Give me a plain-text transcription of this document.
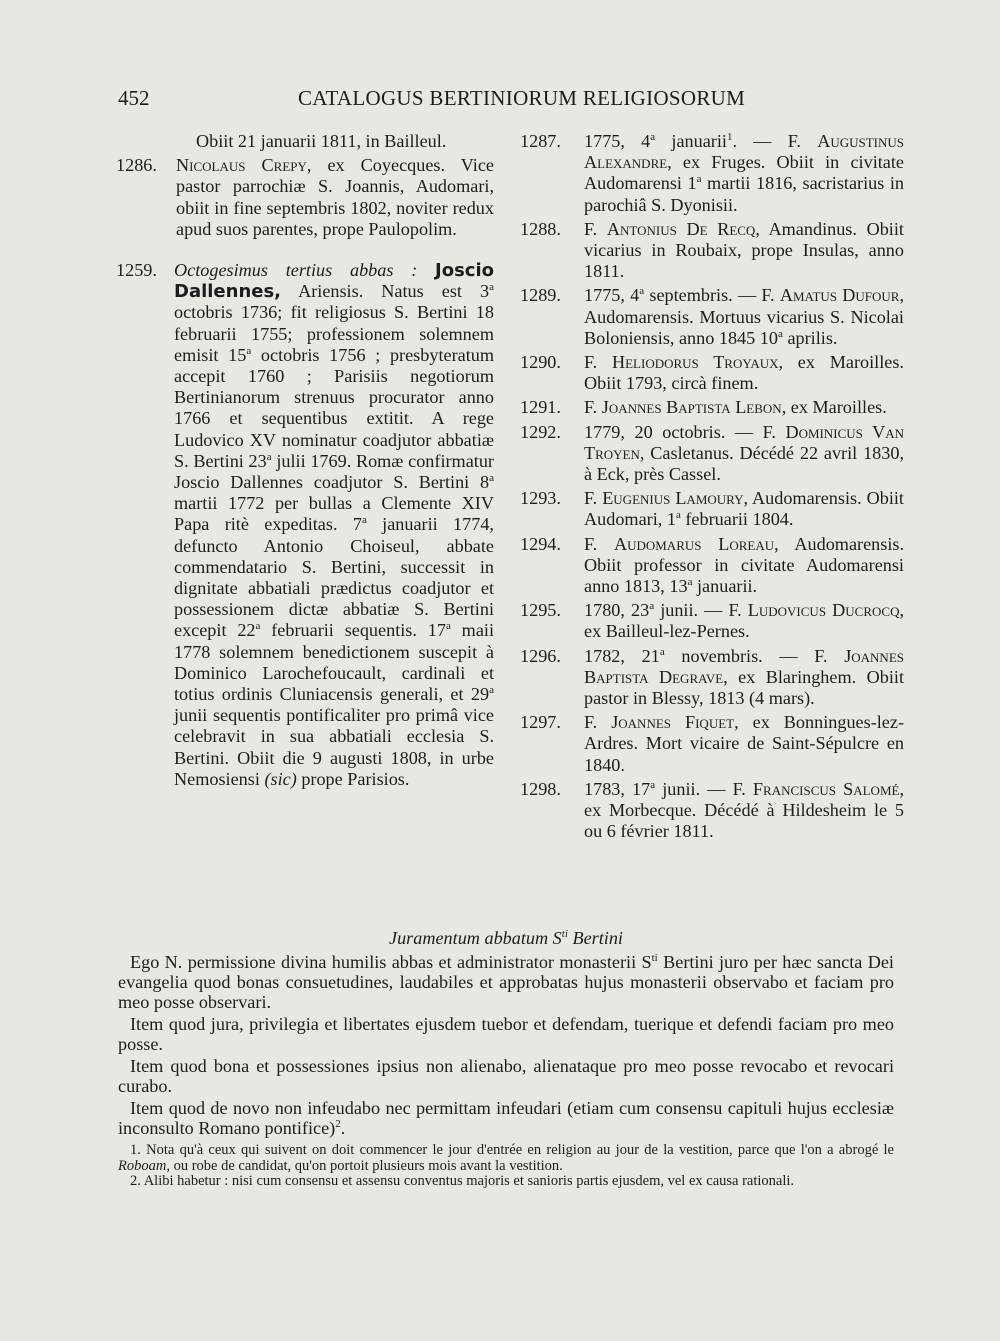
452	CATALOGUS BERTINIORUM RELIGIOSORUM
Obiit 21 januarii 1811, in Bailleul.
1286. Nicolaus Crepy, ex Coyecques. Vice pastor parrochiæ S. Joannis, Audomari, obiit in fine septembris 1802, noviter redux apud suos parentes, prope Paulopolim.
1259. Octogesimus tertius abbas : Joscio Dallennes, Ariensis. Natus est 3$^a$ octobris 1736; fit religiosus S. Bertini 18 februarii 1755; professionem solemnem emisit 15$^a$ octobris 1756 ; presbyteratum accepit 1760 ; Parisiis negotiorum Bertinianorum strenuus procurator anno 1766 et sequentibus extitit. A rege Ludovico XV nominatur coadjutor abbatiæ S. Bertini 23$^a$ julii 1769. Romæ confirmatur Joscio Dallennes coadjutor S. Bertini 8$^a$ martii 1772 per bullas a Clemente XIV Papa ritè expeditas. 7$^a$ januarii 1774, defuncto Antonio Choiseul, abbate commendatario S. Bertini, successit in dignitate abbatiali prædictus coadjutor et possessionem dictæ abbatiæ S. Bertini excepit 22$^a$ februarii sequentis. 17$^a$ maii 1778 solemnem benedictionem suscepit à Dominico Larochefoucault, cardinali et totius ordinis Cluniacensis generali, et 29$^a$ junii sequentis pontificaliter pro primâ vice celebravit in sua abbatiali ecclesia S. Bertini. Obiit die 9 augusti 1808, in urbe Nemosiensi (sic) prope Parisios.
1287. 1775, 4$^a$ januarii$^1$. — F. Augustinus Alexandre, ex Fruges. Obiit in civitate Audomarensi 1$^a$ martii 1816, sacristarius in parochiâ S. Dyonisii.
1288. F. Antonius De Recq, Amandinus. Obiit vicarius in Roubaix, prope Insulas, anno 1811.
1289. 1775, 4$^a$ septembris. — F. Amatus Dufour, Audomarensis. Mortuus vicarius S. Nicolai Boloniensis, anno 1845 10$^a$ aprilis.
1290. F. Heliodorus Troyaux, ex Maroilles. Obiit 1793, circà finem.
1291. F. Joannes Baptista Lebon, ex Maroilles.
1292. 1779, 20 octobris. — F. Dominicus Van Troyen, Casletanus. Décédé 22 avril 1830, à Eck, près Cassel.
1293. F. Eugenius Lamoury, Audomarensis. Obiit Audomari, 1$^a$ februarii 1804.
1294. F. Audomarus Loreau, Audomarensis. Obiit professor in civitate Audomarensi anno 1813, 13$^a$ januarii.
1295. 1780, 23$^a$ junii. — F. Ludovicus Ducrocq, ex Bailleul-lez-Pernes.
1296. 1782, 21$^a$ novembris. — F. Joannes Baptista Degrave, ex Blaringhem. Obiit pastor in Blessy, 1813 (4 mars).
1297. F. Joannes Fiquet, ex Bonningues-lez-Ardres. Mort vicaire de Saint-Sépulcre en 1840.
1298. 1783, 17$^a$ junii. — F. Franciscus Salomé, ex Morbecque. Décédé à Hildesheim le 5 ou 6 février 1811.
Juramentum abbatum $S^{ti}$ Bertini

Ego N. permissione divina humilis abbas et administrator monasterii $S^{ti}$ Bertini juro per hæc sancta Dei evangelia quod bonas consuetudines, laudabiles et approbatas hujus monasterii observabo et faciam pro meo posse observari.

Item quod jura, privilegia et libertates ejusdem tuebor et defendam, tuerique et defendi faciam pro meo posse.

Item quod bona et possessiones ipsius non alienabo, alienataque pro meo posse revocabo et revocari curabo.

Item quod de novo non infeudabo nec permittam infeudari (etiam cum consensu capituli hujus ecclesiæ inconsulto Romano pontifice)$^2$.

1. Nota qu'à ceux qui suivent on doit commencer le jour d'entrée en religion au jour de la vestition, parce que l'on a abrogé le Roboam, ou robe de candidat, qu'on portoit plusieurs mois avant la vestition.

2. Alibi habetur : nisi cum consensu et assensu conventus majoris et sanioris partis ejusdem, vel ex causa rationali.
